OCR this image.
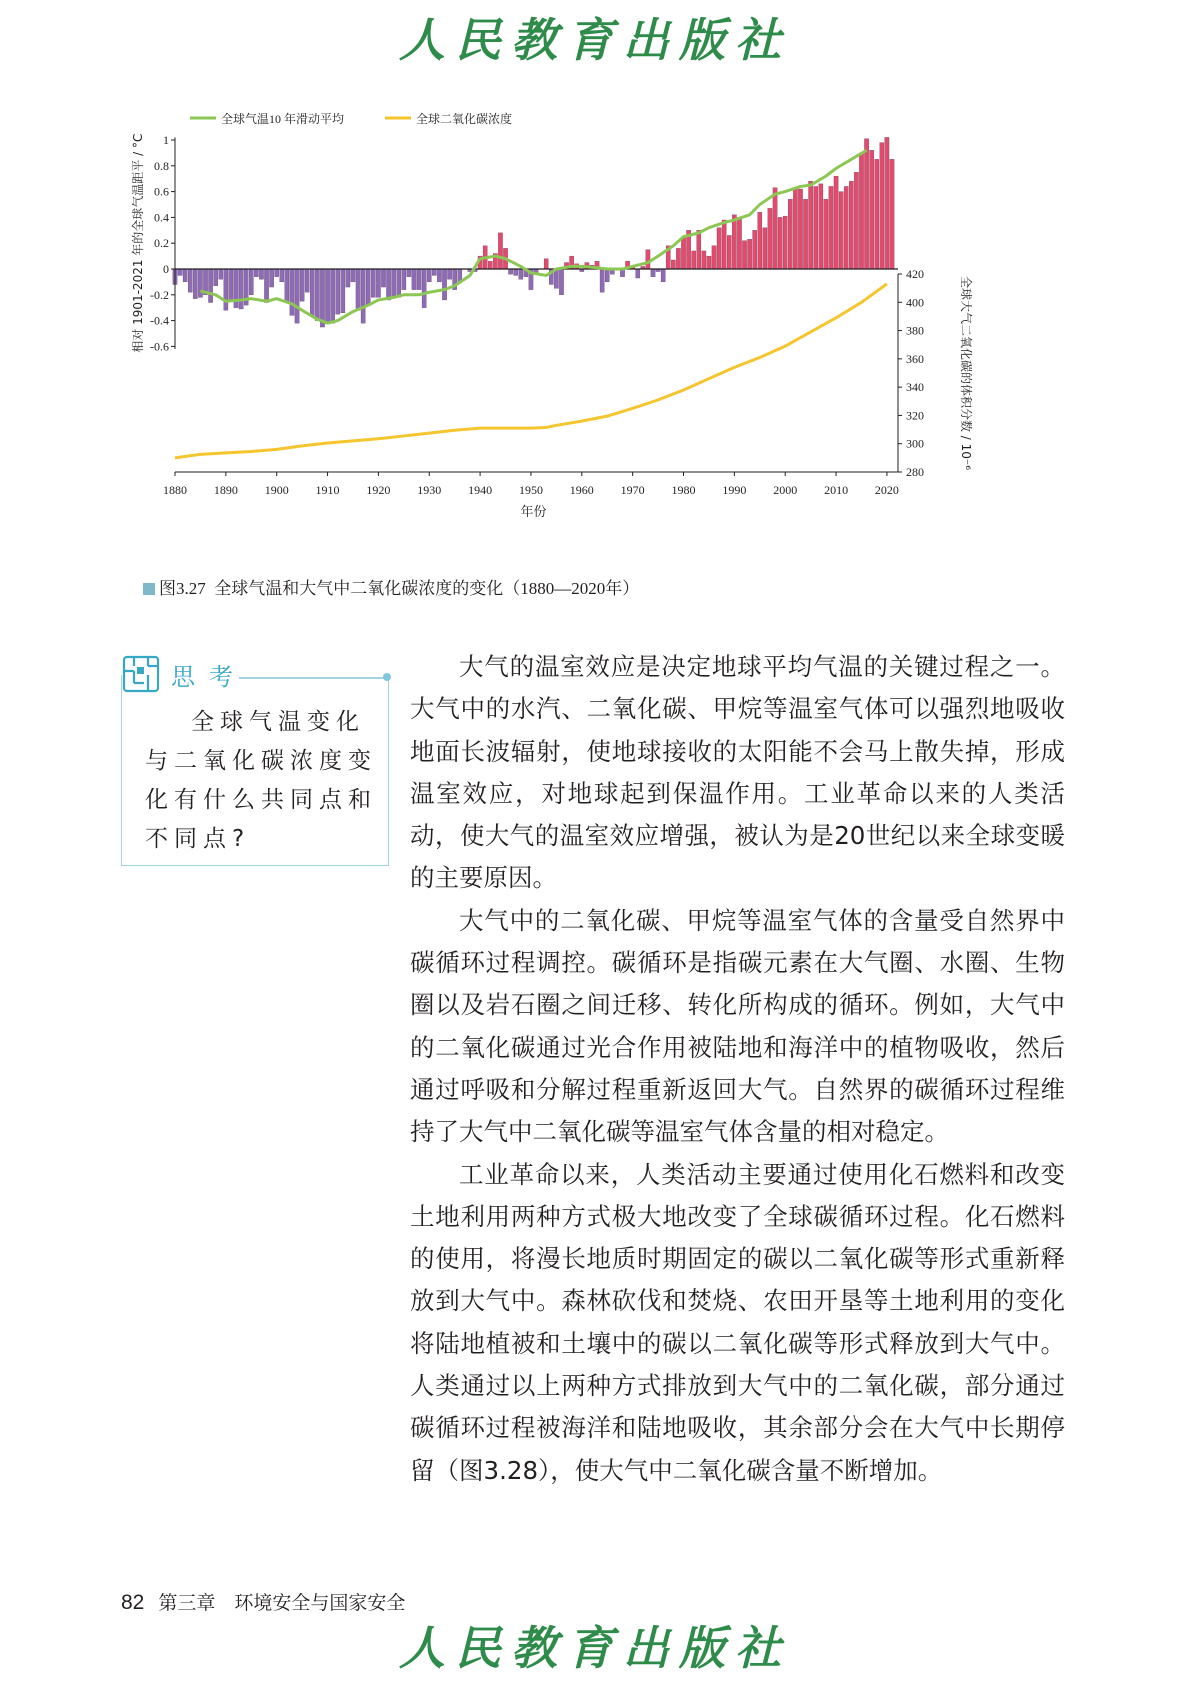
人民教育出版社
全球气温10 年滑动平均	全球二氧化碳浓度
1
0.8
0.6
0.4
0.2
0
-0.2
-0.4
-0.6
420
400
380
360
340
320
300
280
1880 1890 1900 1910 1920 1930 1940 1950 1960 1970 1980 1990 2000 2010 2020
年份
相对 1901-2021 年的全球气温距平 / °C
全球大气二氧化碳的体积分数 / 10⁻⁶
图3.27 全球气温和大气中二氧化碳浓度的变化（1880—2020年）
思考
全球气温变化与二氧化碳浓度变化有什么共同点和不同点?

大气的温室效应是决定地球平均气温的关键过程之一。大气中的水汽、二氧化碳、甲烷等温室气体可以强烈地吸收地面长波辐射，使地球接收的太阳能不会马上散失掉，形成温室效应，对地球起到保温作用。工业革命以来的人类活动，使大气的温室效应增强，被认为是20世纪以来全球变暖的主要原因。

大气中的二氧化碳、甲烷等温室气体的含量受自然界中碳循环过程调控。碳循环是指碳元素在大气圈、水圈、生物圈以及岩石圈之间迁移、转化所构成的循环。例如，大气中的二氧化碳通过光合作用被陆地和海洋中的植物吸收，然后通过呼吸和分解过程重新返回大气。自然界的碳循环过程维持了大气中二氧化碳等温室气体含量的相对稳定。

工业革命以来，人类活动主要通过使用化石燃料和改变土地利用两种方式极大地改变了全球碳循环过程。化石燃料的使用，将漫长地质时期固定的碳以二氧化碳等形式重新释放到大气中。森林砍伐和焚烧、农田开垦等土地利用的变化将陆地植被和土壤中的碳以二氧化碳等形式释放到大气中。人类通过以上两种方式排放到大气中的二氧化碳，部分通过碳循环过程被海洋和陆地吸收，其余部分会在大气中长期停留（图3.28），使大气中二氧化碳含量不断增加。

82 第三章　环境安全与国家安全
人民教育出版社
